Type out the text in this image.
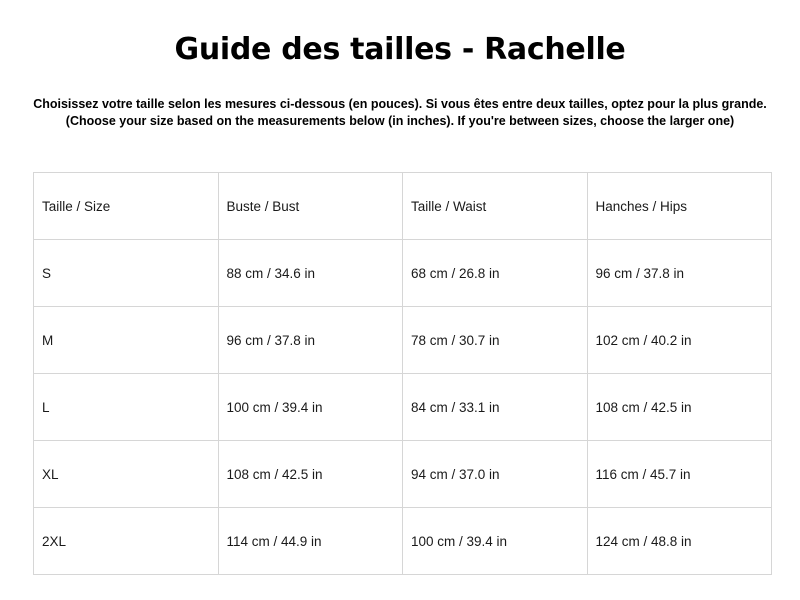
Guide des tailles - Rachelle
Choisissez votre taille selon les mesures ci-dessous (en pouces). Si vous êtes entre deux tailles, optez pour la plus grande.
(Choose your size based on the measurements below (in inches). If you're between sizes, choose the larger one)
Taille / Size	Buste / Bust	Taille / Waist	Hanches / Hips
S	88 cm / 34.6 in	68 cm / 26.8 in	96 cm / 37.8 in
M	96 cm / 37.8 in	78 cm / 30.7 in	102 cm / 40.2 in
L	100 cm / 39.4 in	84 cm / 33.1 in	108 cm / 42.5 in
XL	108 cm / 42.5 in	94 cm / 37.0 in	116 cm / 45.7 in
2XL	114 cm / 44.9 in	100 cm / 39.4 in	124 cm / 48.8 in
